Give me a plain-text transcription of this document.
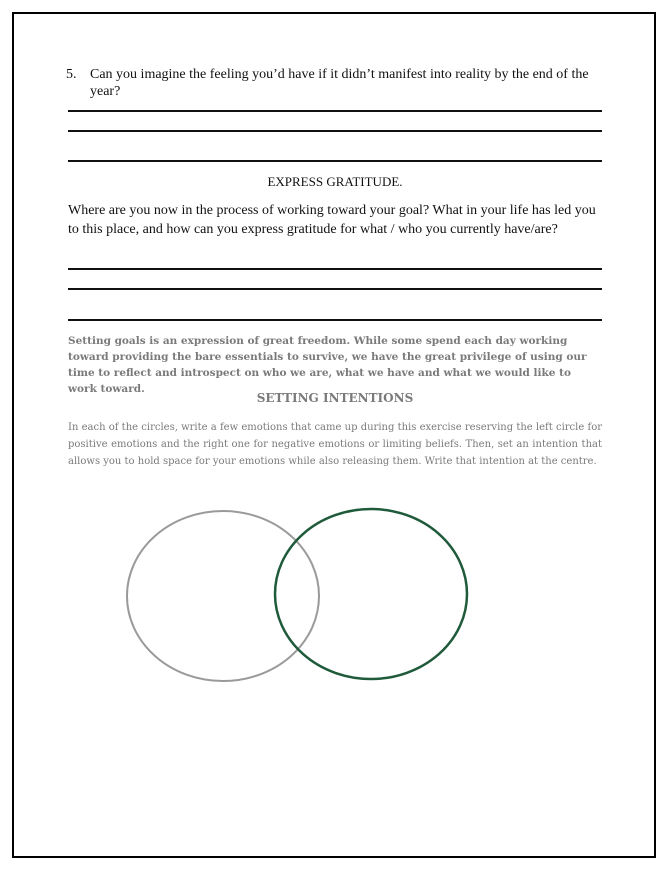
5. Can you imagine the feeling you’d have if it didn’t manifest into reality by the end of the year?
EXPRESS GRATITUDE.
Where are you now in the process of working toward your goal? What in your life has led you to this place, and how can you express gratitude for what / who you currently have/are?
Setting goals is an expression of great freedom. While some spend each day working toward providing the bare essentials to survive, we have the great privilege of using our time to reflect and introspect on who we are, what we have and what we would like to work toward.
SETTING INTENTIONS
In each of the circles, write a few emotions that came up during this exercise reserving the left circle for positive emotions and the right one for negative emotions or limiting beliefs. Then, set an intention that allows you to hold space for your emotions while also releasing them. Write that intention at the centre.
